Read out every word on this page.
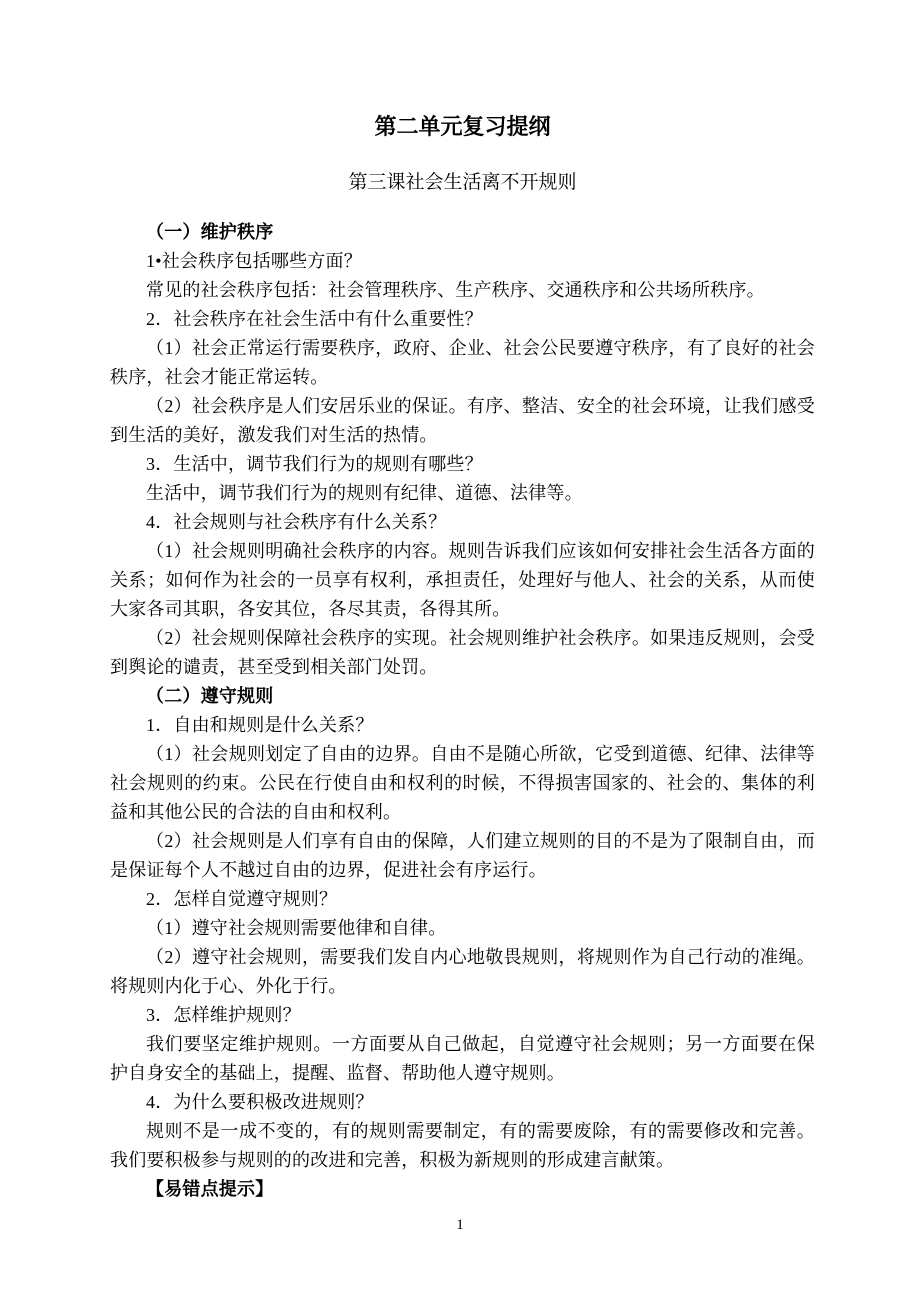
第二单元复习提纲
第三课社会生活离不开规则

（一）维护秩序

1•社会秩序包括哪些方面？

常见的社会秩序包括：社会管理秩序、生产秩序、交通秩序和公共场所秩序。

2．社会秩序在社会生活中有什么重要性？

（1）社会正常运行需要秩序，政府、企业、社会公民要遵守秩序，有了良好的社会秩序，社会才能正常运转。

（2）社会秩序是人们安居乐业的保证。有序、整洁、安全的社会环境，让我们感受到生活的美好，激发我们对生活的热情。

3．生活中，调节我们行为的规则有哪些？

生活中，调节我们行为的规则有纪律、道德、法律等。

4．社会规则与社会秩序有什么关系？

（1）社会规则明确社会秩序的内容。规则告诉我们应该如何安排社会生活各方面的关系；如何作为社会的一员享有权利，承担责任，处理好与他人、社会的关系，从而使大家各司其职，各安其位，各尽其责，各得其所。

（2）社会规则保障社会秩序的实现。社会规则维护社会秩序。如果违反规则，会受到舆论的谴责，甚至受到相关部门处罚。

（二）遵守规则

1．自由和规则是什么关系？

（1）社会规则划定了自由的边界。自由不是随心所欲，它受到道德、纪律、法律等社会规则的约束。公民在行使自由和权利的时候，不得损害国家的、社会的、集体的利益和其他公民的合法的自由和权利。

（2）社会规则是人们享有自由的保障，人们建立规则的目的不是为了限制自由，而是保证每个人不越过自由的边界，促进社会有序运行。

2．怎样自觉遵守规则？

（1）遵守社会规则需要他律和自律。

（2）遵守社会规则，需要我们发自内心地敬畏规则，将规则作为自己行动的准绳。将规则内化于心、外化于行。

3．怎样维护规则？

我们要坚定维护规则。一方面要从自己做起，自觉遵守社会规则；另一方面要在保护自身安全的基础上，提醒、监督、帮助他人遵守规则。

4．为什么要积极改进规则？

规则不是一成不变的，有的规则需要制定，有的需要废除，有的需要修改和完善。我们要积极参与规则的的改进和完善，积极为新规则的形成建言献策。

【易错点提示】

1
